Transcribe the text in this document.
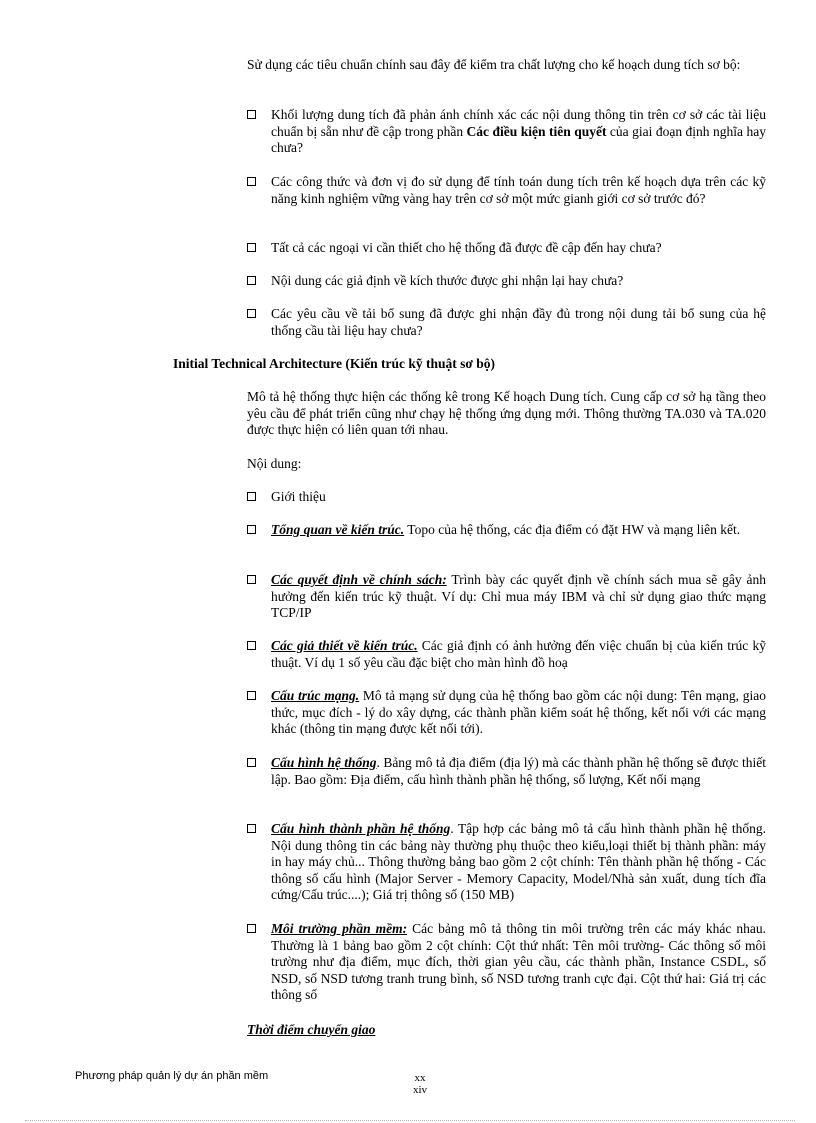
Sử dụng các tiêu chuẩn chính sau đây để kiểm tra chất lượng cho kế hoạch dung tích sơ bộ:

Khối lượng dung tích đã phản ánh chính xác các nội dung thông tin trên cơ sở các tài liệu chuẩn bị sẵn như đề cập trong phần Các điều kiện tiên quyết của giai đoạn định nghĩa hay chưa?
Các công thức và đơn vị đo sử dụng để tính toán dung tích trên kế hoạch dựa trên các kỹ năng kinh nghiệm vững vàng hay trên cơ sở một mức gianh giới cơ sở trước đó?
Tất cả các ngoại vi cần thiết cho hệ thống đã được đề cập đến hay chưa?
Nội dung các giả định về kích thước được ghi nhận lại hay chưa?
Các yêu cầu về tải bổ sung đã được ghi nhận đầy đủ trong nội dung tải bổ sung của hệ thống cầu tài liệu hay chưa?
Initial Technical Architecture (Kiến trúc kỹ thuật sơ bộ)

Mô tả hệ thống thực hiện các thống kê trong Kế hoạch Dung tích. Cung cấp cơ sở hạ tầng theo yêu cầu để phát triển cũng như chạy hệ thống ứng dụng mới. Thông thường TA.030 và TA.020 được thực hiện có liên quan tới nhau.

Nội dung:

Giới thiệu
Tổng quan về kiến trúc. Topo của hệ thống, các địa điểm có đặt HW và mạng liên kết.
Các quyết định về chính sách: Trình bày các quyết định về chính sách mua sẽ gây ảnh hưởng đến kiến trúc kỹ thuật. Ví dụ: Chỉ mua máy IBM và chỉ sử dụng giao thức mạng TCP/IP
Các giả thiết về kiến trúc. Các giả định có ảnh hưởng đến việc chuẩn bị của kiến trúc kỹ thuật. Ví dụ 1 số yêu cầu đặc biệt cho màn hình đồ hoạ
Cấu trúc mạng. Mô tả mạng sử dụng của hệ thống bao gồm các nội dung: Tên mạng, giao thức, mục đích - lý do xây dựng, các thành phần kiểm soát hệ thống, kết nối với các mạng khác (thông tin mạng được kết nối tới).
Cấu hình hệ thống. Bảng mô tả địa điểm (địa lý) mà các thành phần hệ thống sẽ được thiết lập. Bao gồm: Địa điểm, cấu hình thành phần hệ thống, số lượng, Kết nối mạng
Cấu hình thành phần hệ thống. Tập hợp các bảng mô tả cấu hình thành phần hệ thống. Nội dung thông tin các bảng này thường phụ thuộc theo kiểu,loại thiết bị thành phần: máy in hay máy chủ... Thông thường bảng bao gồm 2 cột chính: Tên thành phần hệ thống - Các thông số cấu hình (Major Server - Memory Capacity, Model/Nhà sản xuất, dung tích đĩa cứng/Cấu trúc....); Giá trị thông số (150 MB)
Môi trường phần mềm: Các bảng mô tả thông tin môi trường trên các máy khác nhau. Thường là 1 bảng bao gồm 2 cột chính: Cột thứ nhất: Tên môi trường- Các thông số môi trường như địa điểm, mục đích, thời gian yêu cầu, các thành phần, Instance CSDL, số NSD, số NSD tương tranh trung bình, số NSD tương tranh cực đại. Cột thứ hai: Giá trị các thông số
Thời điểm chuyển giao
Phương pháp quản lý dự án phần mềm	xx
xiv
